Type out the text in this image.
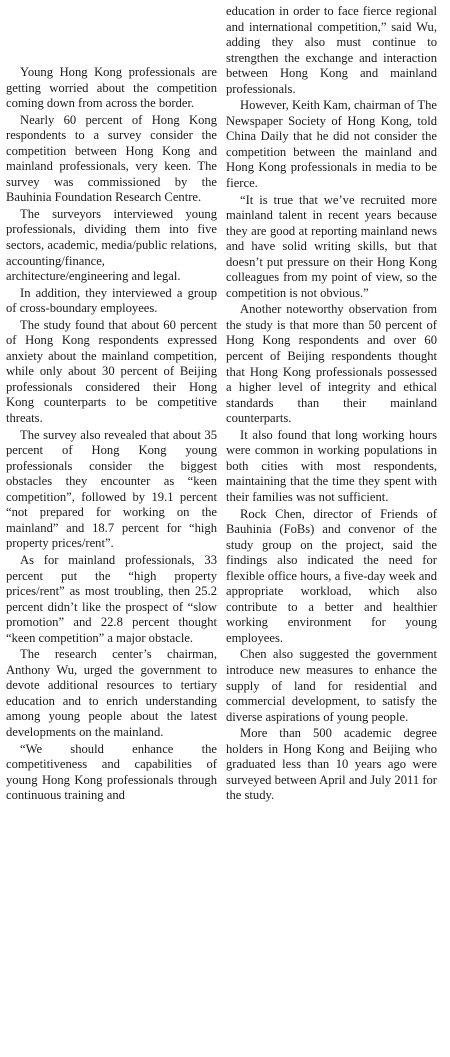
Young Hong Kong professionals are getting worried about the competition coming down from across the border.

Nearly 60 percent of Hong Kong respondents to a survey consider the competition between Hong Kong and mainland professionals, very keen. The survey was commissioned by the Bauhinia Foundation Research Centre.

The surveyors interviewed young professionals, dividing them into five sectors, academic, media/public relations, accounting/finance, architecture/engineering and legal.

In addition, they interviewed a group of cross-boundary employees.

The study found that about 60 percent of Hong Kong respondents expressed anxiety about the mainland competition, while only about 30 percent of Beijing professionals considered their Hong Kong counterparts to be competitive threats.

The survey also revealed that about 35 percent of Hong Kong young professionals consider the biggest obstacles they encounter as “keen competition”, followed by 19.1 percent “not prepared for working on the mainland” and 18.7 percent for “high property prices/rent”.

As for mainland professionals, 33 percent put the “high property prices/rent” as most troubling, then 25.2 percent didn’t like the prospect of “slow promotion” and 22.8 percent thought “keen competition” a major obstacle.

The research center’s chairman, Anthony Wu, urged the government to devote additional resources to tertiary education and to enrich understanding among young people about the latest developments on the mainland.

“We should enhance the competitiveness and capabilities of young Hong Kong professionals through continuous training and

education in order to face fierce regional and international competition,” said Wu, adding they also must continue to strengthen the exchange and interaction between Hong Kong and mainland professionals.

However, Keith Kam, chairman of The Newspaper Society of Hong Kong, told China Daily that he did not consider the competition between the mainland and Hong Kong professionals in media to be fierce.

“It is true that we’ve recruited more mainland talent in recent years because they are good at reporting mainland news and have solid writing skills, but that doesn’t put pressure on their Hong Kong colleagues from my point of view, so the competition is not obvious.”

Another noteworthy observation from the study is that more than 50 percent of Hong Kong respondents and over 60 percent of Beijing respondents thought that Hong Kong professionals possessed a higher level of integrity and ethical standards than their mainland counterparts.

It also found that long working hours were common in working populations in both cities with most respondents, maintaining that the time they spent with their families was not sufficient.

Rock Chen, director of Friends of Bauhinia (FoBs) and convenor of the study group on the project, said the findings also indicated the need for flexible office hours, a five-day week and appropriate workload, which also contribute to a better and healthier working environment for young employees.

Chen also suggested the government introduce new measures to enhance the supply of land for residential and commercial development, to satisfy the diverse aspirations of young people.

More than 500 academic degree holders in Hong Kong and Beijing who graduated less than 10 years ago were surveyed between April and July 2011 for the study.
